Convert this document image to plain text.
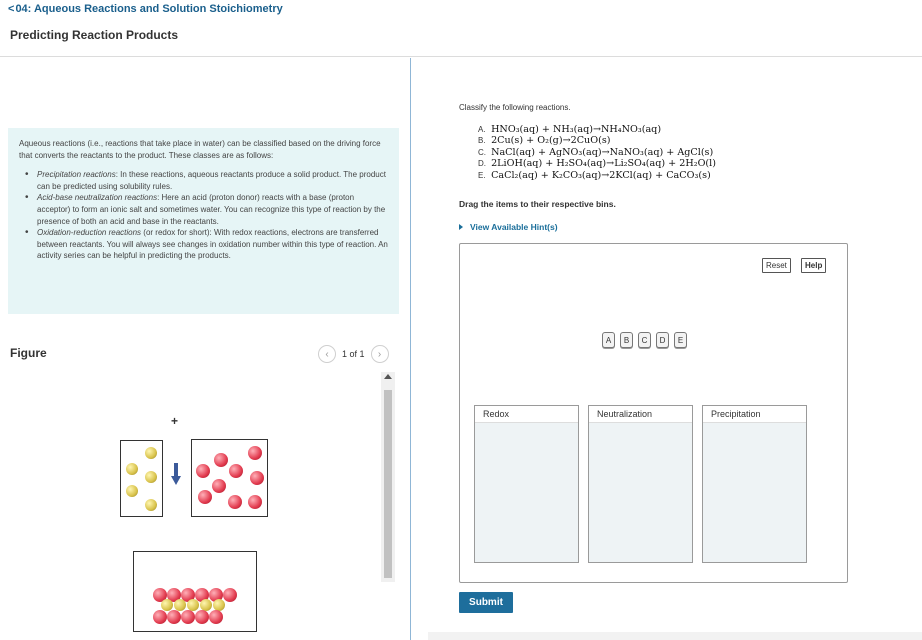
<04: Aqueous Reactions and Solution Stoichiometry
Predicting Reaction Products

Aqueous reactions (i.e., reactions that take place in water) can be classified based on the driving force that converts the reactants to the product. These classes are as follows:

• Precipitation reactions: In these reactions, aqueous reactants produce a solid product. The product can be predicted using solubility rules.
• Acid-base neutralization reactions: Here an acid (proton donor) reacts with a base (proton acceptor) to form an ionic salt and sometimes water. You can recognize this type of reaction by the presence of both an acid and base in the reactants.
• Oxidation-reduction reactions (or redox for short): With redox reactions, electrons are transferred between reactants. You will always see changes in oxidation number within this type of reaction. An activity series can be helpful in predicting the products.
Figure	‹ 1 of 1 ›
+
Classify the following reactions.
A. HNO₃(aq) + NH₃(aq)→NH₄NO₃(aq)
B. 2Cu(s) + O₂(g)→2CuO(s)
C. NaCl(aq) + AgNO₃(aq)→NaNO₃(aq) + AgCl(s)
D. 2LiOH(aq) + H₂SO₄(aq)→Li₂SO₄(aq) + 2H₂O(l)
E. CaCl₂(aq) + K₂CO₃(aq)→2KCl(aq) + CaCO₃(s)
Drag the items to their respective bins.
View Available Hint(s)
Reset	Help
A	B	C	D	E
Redox	Neutralization	Precipitation
Submit
